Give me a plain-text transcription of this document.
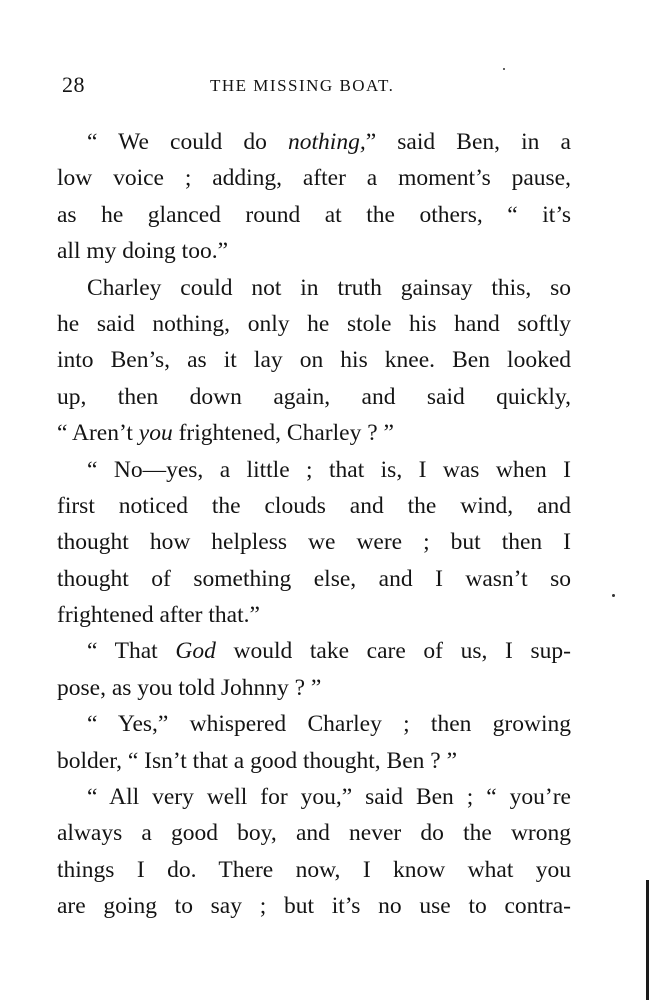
28	THE MISSING BOAT.
“ We could do nothing,” said Ben, in a
low voice ; adding, after a moment’s pause,
as he glanced round at the others, “ it’s
all my doing too.”
Charley could not in truth gainsay this, so
he said nothing, only he stole his hand softly
into Ben’s, as it lay on his knee. Ben looked
up, then down again, and said quickly,
“ Aren’t you frightened, Charley ? ”
“ No—yes, a little ; that is, I was when I
first noticed the clouds and the wind, and
thought how helpless we were ; but then I
thought of something else, and I wasn’t so
frightened after that.”
“ That God would take care of us, I sup-
pose, as you told Johnny ? ”
“ Yes,” whispered Charley ; then growing
bolder, “ Isn’t that a good thought, Ben ? ”
“ All very well for you,” said Ben ; “ you’re
always a good boy, and never do the wrong
things I do. There now, I know what you
are going to say ; but it’s no use to contra-
